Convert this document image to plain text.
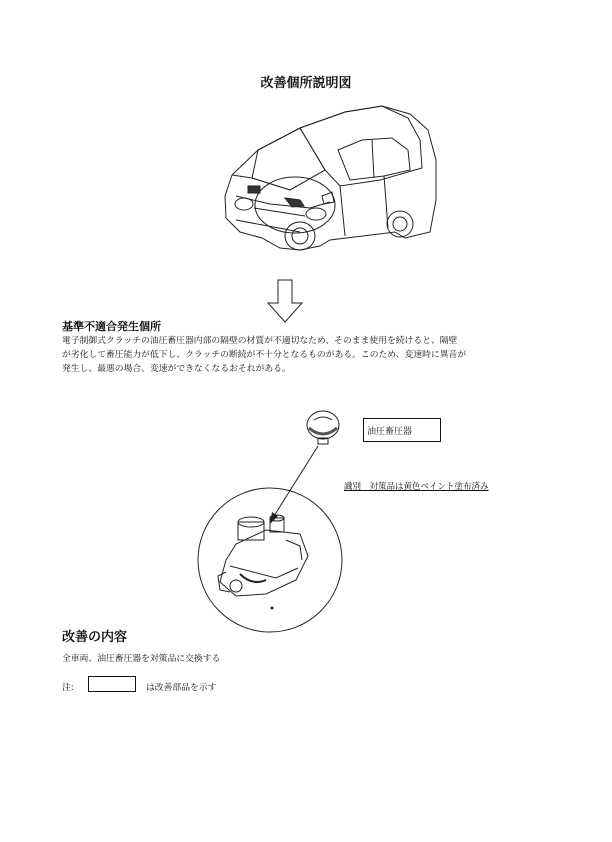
改善個所説明図
基準不適合発生個所
電子制御式クラッチの油圧畜圧器内部の隔壁の材質が不適切なため、そのまま使用を続けると、隔壁
が劣化して畜圧能力が低下し、クラッチの断続が不十分となるものがある。このため、変速時に異音が
発生し、最悪の場合、変速ができなくなるおそれがある。
油圧畜圧器
識別　対策品は黄色ペイント塗布済み
改善の内容
全車両、油圧畜圧器を対策品に交換する
注:	は改善部品を示す
